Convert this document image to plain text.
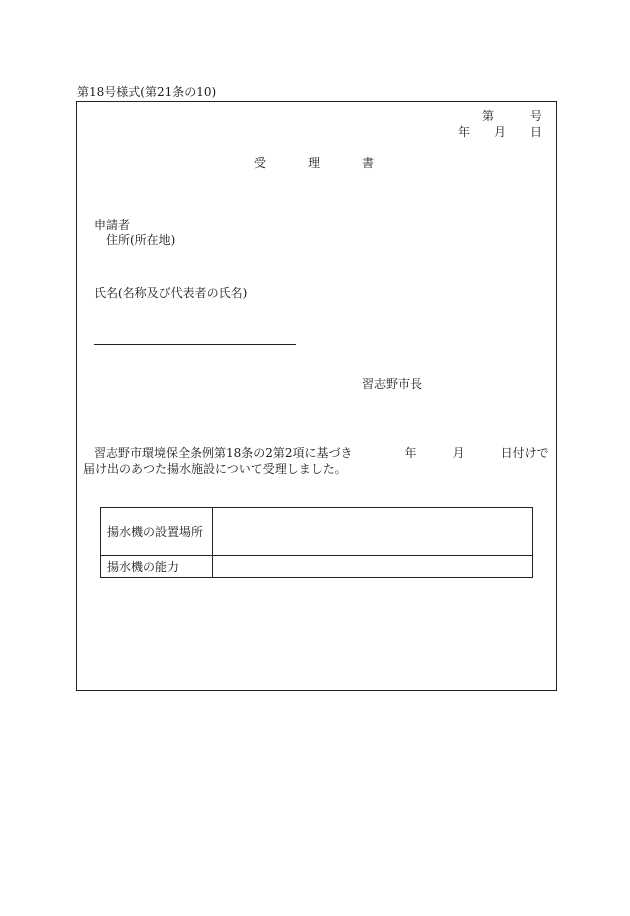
第18号様式(第21条の10)
第	号
年 月 日
受	理	書
申請者
住所(所在地)
氏名(名称及び代表者の氏名)
習志野市長
習志野市環境保全条例第18条の2第2項に基づき	年	月	日付けで
届け出のあつた揚水施設について受理しました。
揚水機の設置場所	
揚水機の能力	
